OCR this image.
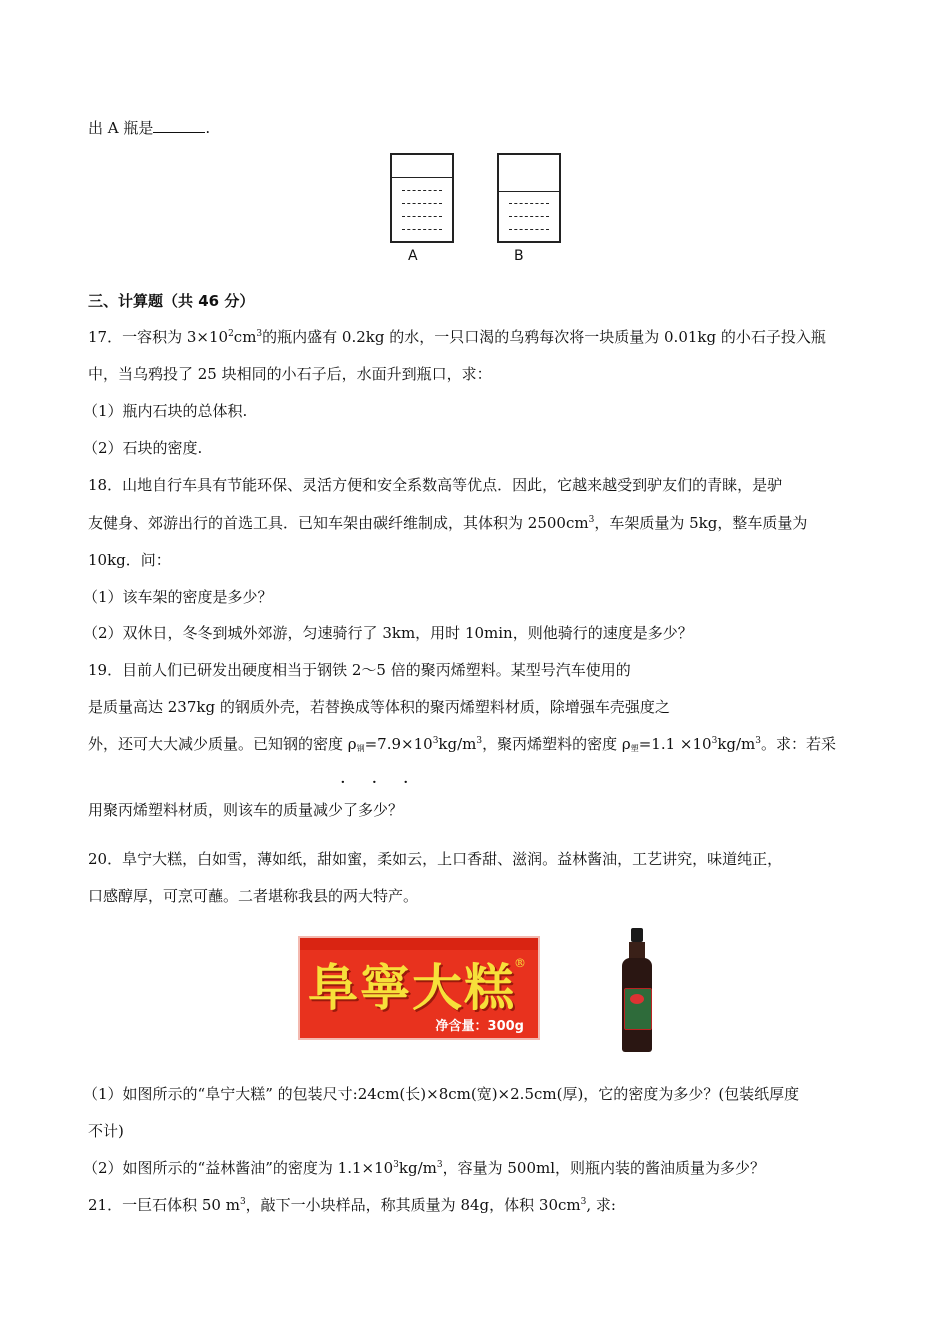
出 A 瓶是	.
A	B
三、计算题（共 46 分）
17．一容积为 $3\times 10^2cm^3$的瓶内盛有 0.2kg 的水，一只口渴的乌鸦每次将一块质量为 0.01kg 的小石子投入瓶
中，当乌鸦投了 25 块相同的小石子后，水面升到瓶口，求：
（1）瓶内石块的总体积.
（2）石块的密度.
18．山地自行车具有节能环保、灵活方便和安全系数高等优点．因此，它越来越受到驴友们的青睐，是驴
友健身、郊游出行的首选工具．已知车架由碳纤维制成，其体积为 $2500cm^3$，车架质量为 5kg，整车质量为
10kg．问：
（1）该车架的密度是多少？
（2）双休日，冬冬到城外郊游，匀速骑行了 3km，用时 10min，则他骑行的速度是多少？
19．目前人们已研发出硬度相当于钢铁 2～5 倍的聚丙烯塑料。某型号汽车使用的
是质量高达 237kg 的钢质外壳，若替换成等体积的聚丙烯塑料材质，除增强车壳强度之
外，还可大大减少质量。已知钢的密度 $\rho_钢=7.9\times 10^3kg/m^3$，聚丙烯塑料的密度 $\rho_塑=1.1 \times 10^3kg/m^3$。求：若采
· · ·
用聚丙烯塑料材质，则该车的质量减少了多少？
20．阜宁大糕，白如雪，薄如纸，甜如蜜，柔如云，上口香甜、滋润。益林酱油，工艺讲究，味道纯正，
口感醇厚，可烹可蘸。二者堪称我县的两大特产。
阜寧大糕
®
净含量：300g
（1）如图所示的“阜宁大糕” 的包装尺寸:24cm(长)×8cm(宽)×2.5cm(厚)，它的密度为多少？(包装纸厚度
不计)
（2）如图所示的“益林酱油”的密度为 $1.1\times 10^3kg/m^3$，容量为 500ml，则瓶内装的酱油质量为多少？
21．一巨石体积 50 $m^3$，敲下一小块样品，称其质量为 84g，体积 $30cm^3$, 求:
